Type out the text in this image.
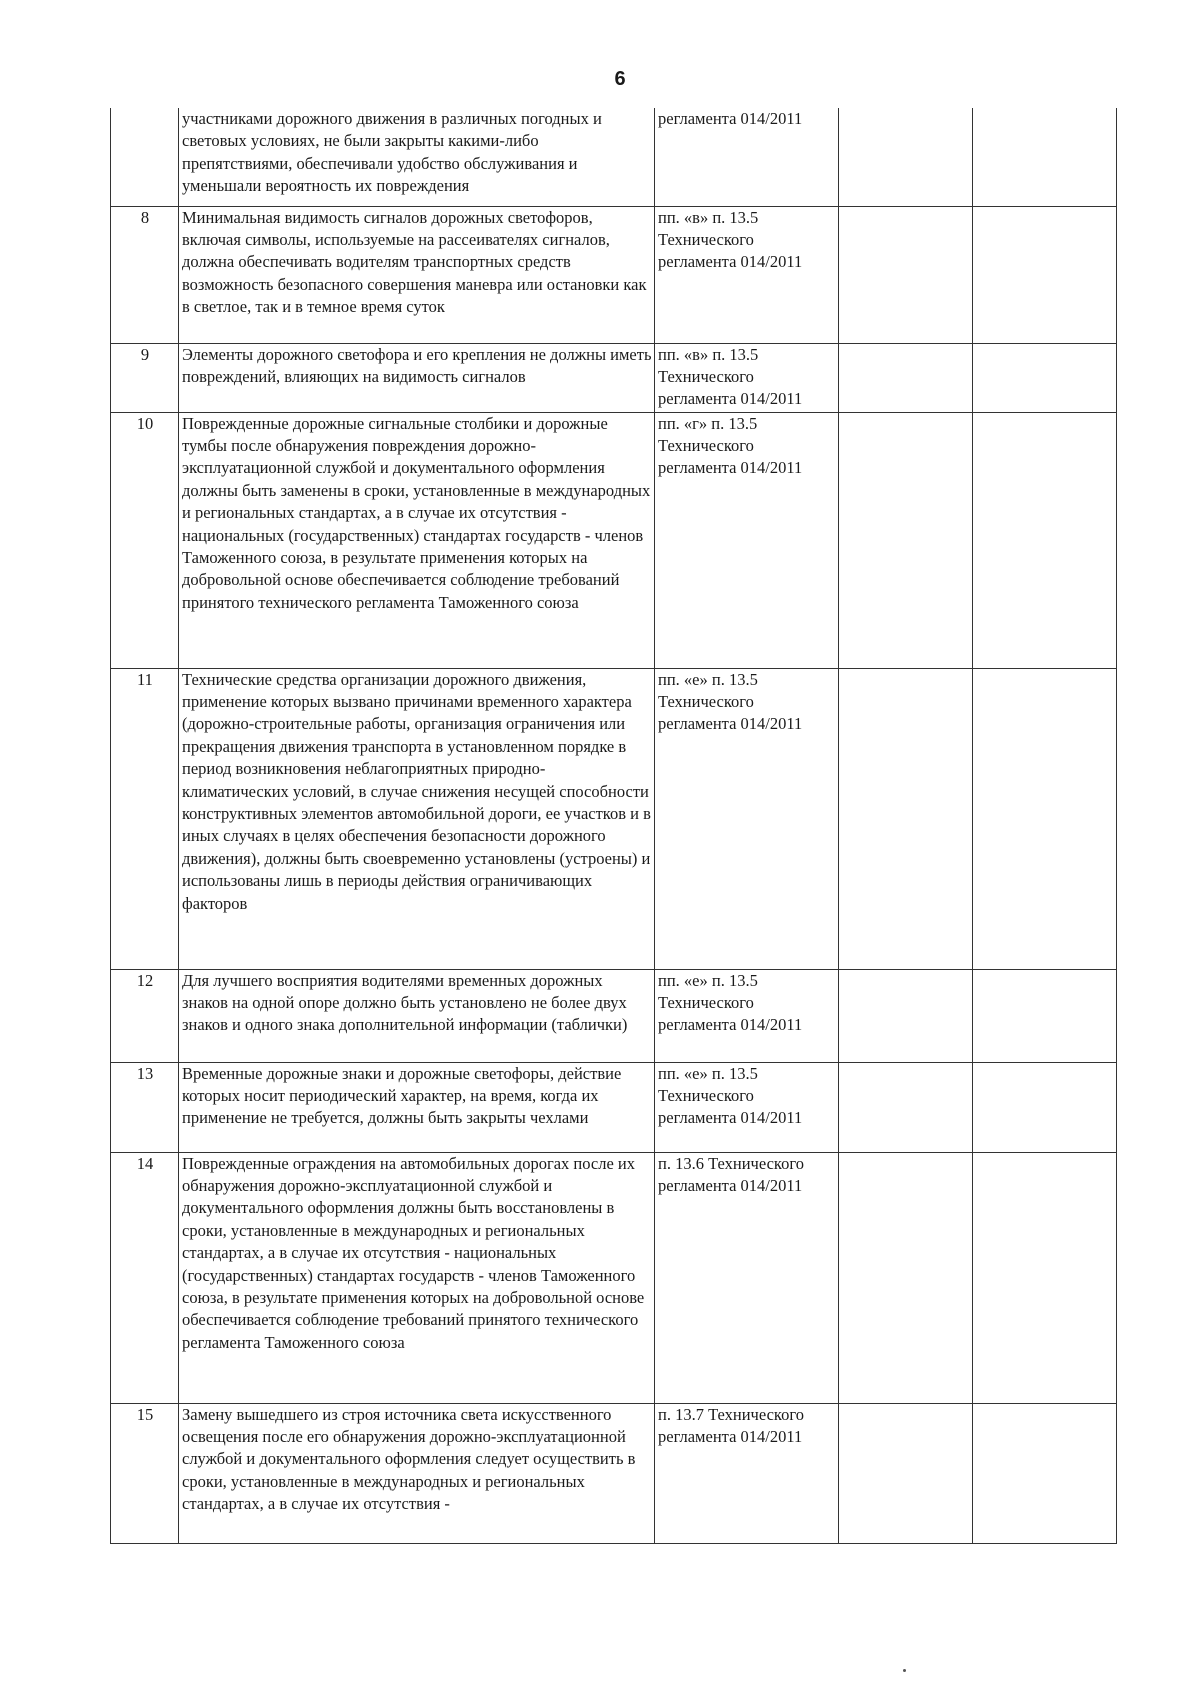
6
	участниками дорожного движения в различных погодных и световых условиях, не были закрыты какими-либо препятствиями, обеспечивали удобство обслуживания и уменьшали вероятность их повреждения	регламента 014/2011		
8	Минимальная видимость сигналов дорожных светофоров, включая символы, используемые на рассеивателях сигналов, должна обеспечивать водителям транспортных средств возможность безопасного совершения маневра или остановки как в светлое, так и в темное время суток	пп. «в» п. 13.5 Технического регламента 014/2011		
9	Элементы дорожного светофора и его крепления не должны иметь повреждений, влияющих на видимость сигналов	пп. «в» п. 13.5 Технического регламента 014/2011		
10	Поврежденные дорожные сигнальные столбики и дорожные тумбы после обнаружения повреждения дорожно-эксплуатационной службой и документального оформления должны быть заменены в сроки, установленные в международных и региональных стандартах, а в случае их отсутствия - национальных (государственных) стандартах государств - членов Таможенного союза, в результате применения которых на добровольной основе обеспечивается соблюдение требований принятого технического регламента Таможенного союза	пп. «г» п. 13.5 Технического регламента 014/2011		
11	Технические средства организации дорожного движения, применение которых вызвано причинами временного характера (дорожно-строительные работы, организация ограничения или прекращения движения транспорта в установленном порядке в период возникновения неблагоприятных природно-климатических условий, в случае снижения несущей способности конструктивных элементов автомобильной дороги, ее участков и в иных случаях в целях обеспечения безопасности дорожного движения), должны быть своевременно установлены (устроены) и использованы лишь в периоды действия ограничивающих факторов	пп. «е» п. 13.5 Технического регламента 014/2011		
12	Для лучшего восприятия водителями временных дорожных знаков на одной опоре должно быть установлено не более двух знаков и одного знака дополнительной информации (таблички)	пп. «е» п. 13.5 Технического регламента 014/2011		
13	Временные дорожные знаки и дорожные светофоры, действие которых носит периодический характер, на время, когда их применение не требуется, должны быть закрыты чехлами	пп. «е» п. 13.5 Технического регламента 014/2011		
14	Поврежденные ограждения на автомобильных дорогах после их обнаружения дорожно-эксплуатационной службой и документального оформления должны быть восстановлены в сроки, установленные в международных и региональных стандартах, а в случае их отсутствия - национальных (государственных) стандартах государств - членов Таможенного союза, в результате применения которых на добровольной основе обеспечивается соблюдение требований принятого технического регламента Таможенного союза	п. 13.6 Технического регламента 014/2011		
15	Замену вышедшего из строя источника света искусственного освещения после его обнаружения дорожно-эксплуатационной службой и документального оформления следует осуществить в сроки, установленные в международных и региональных стандартах, а в случае их отсутствия -	п. 13.7 Технического регламента 014/2011		
